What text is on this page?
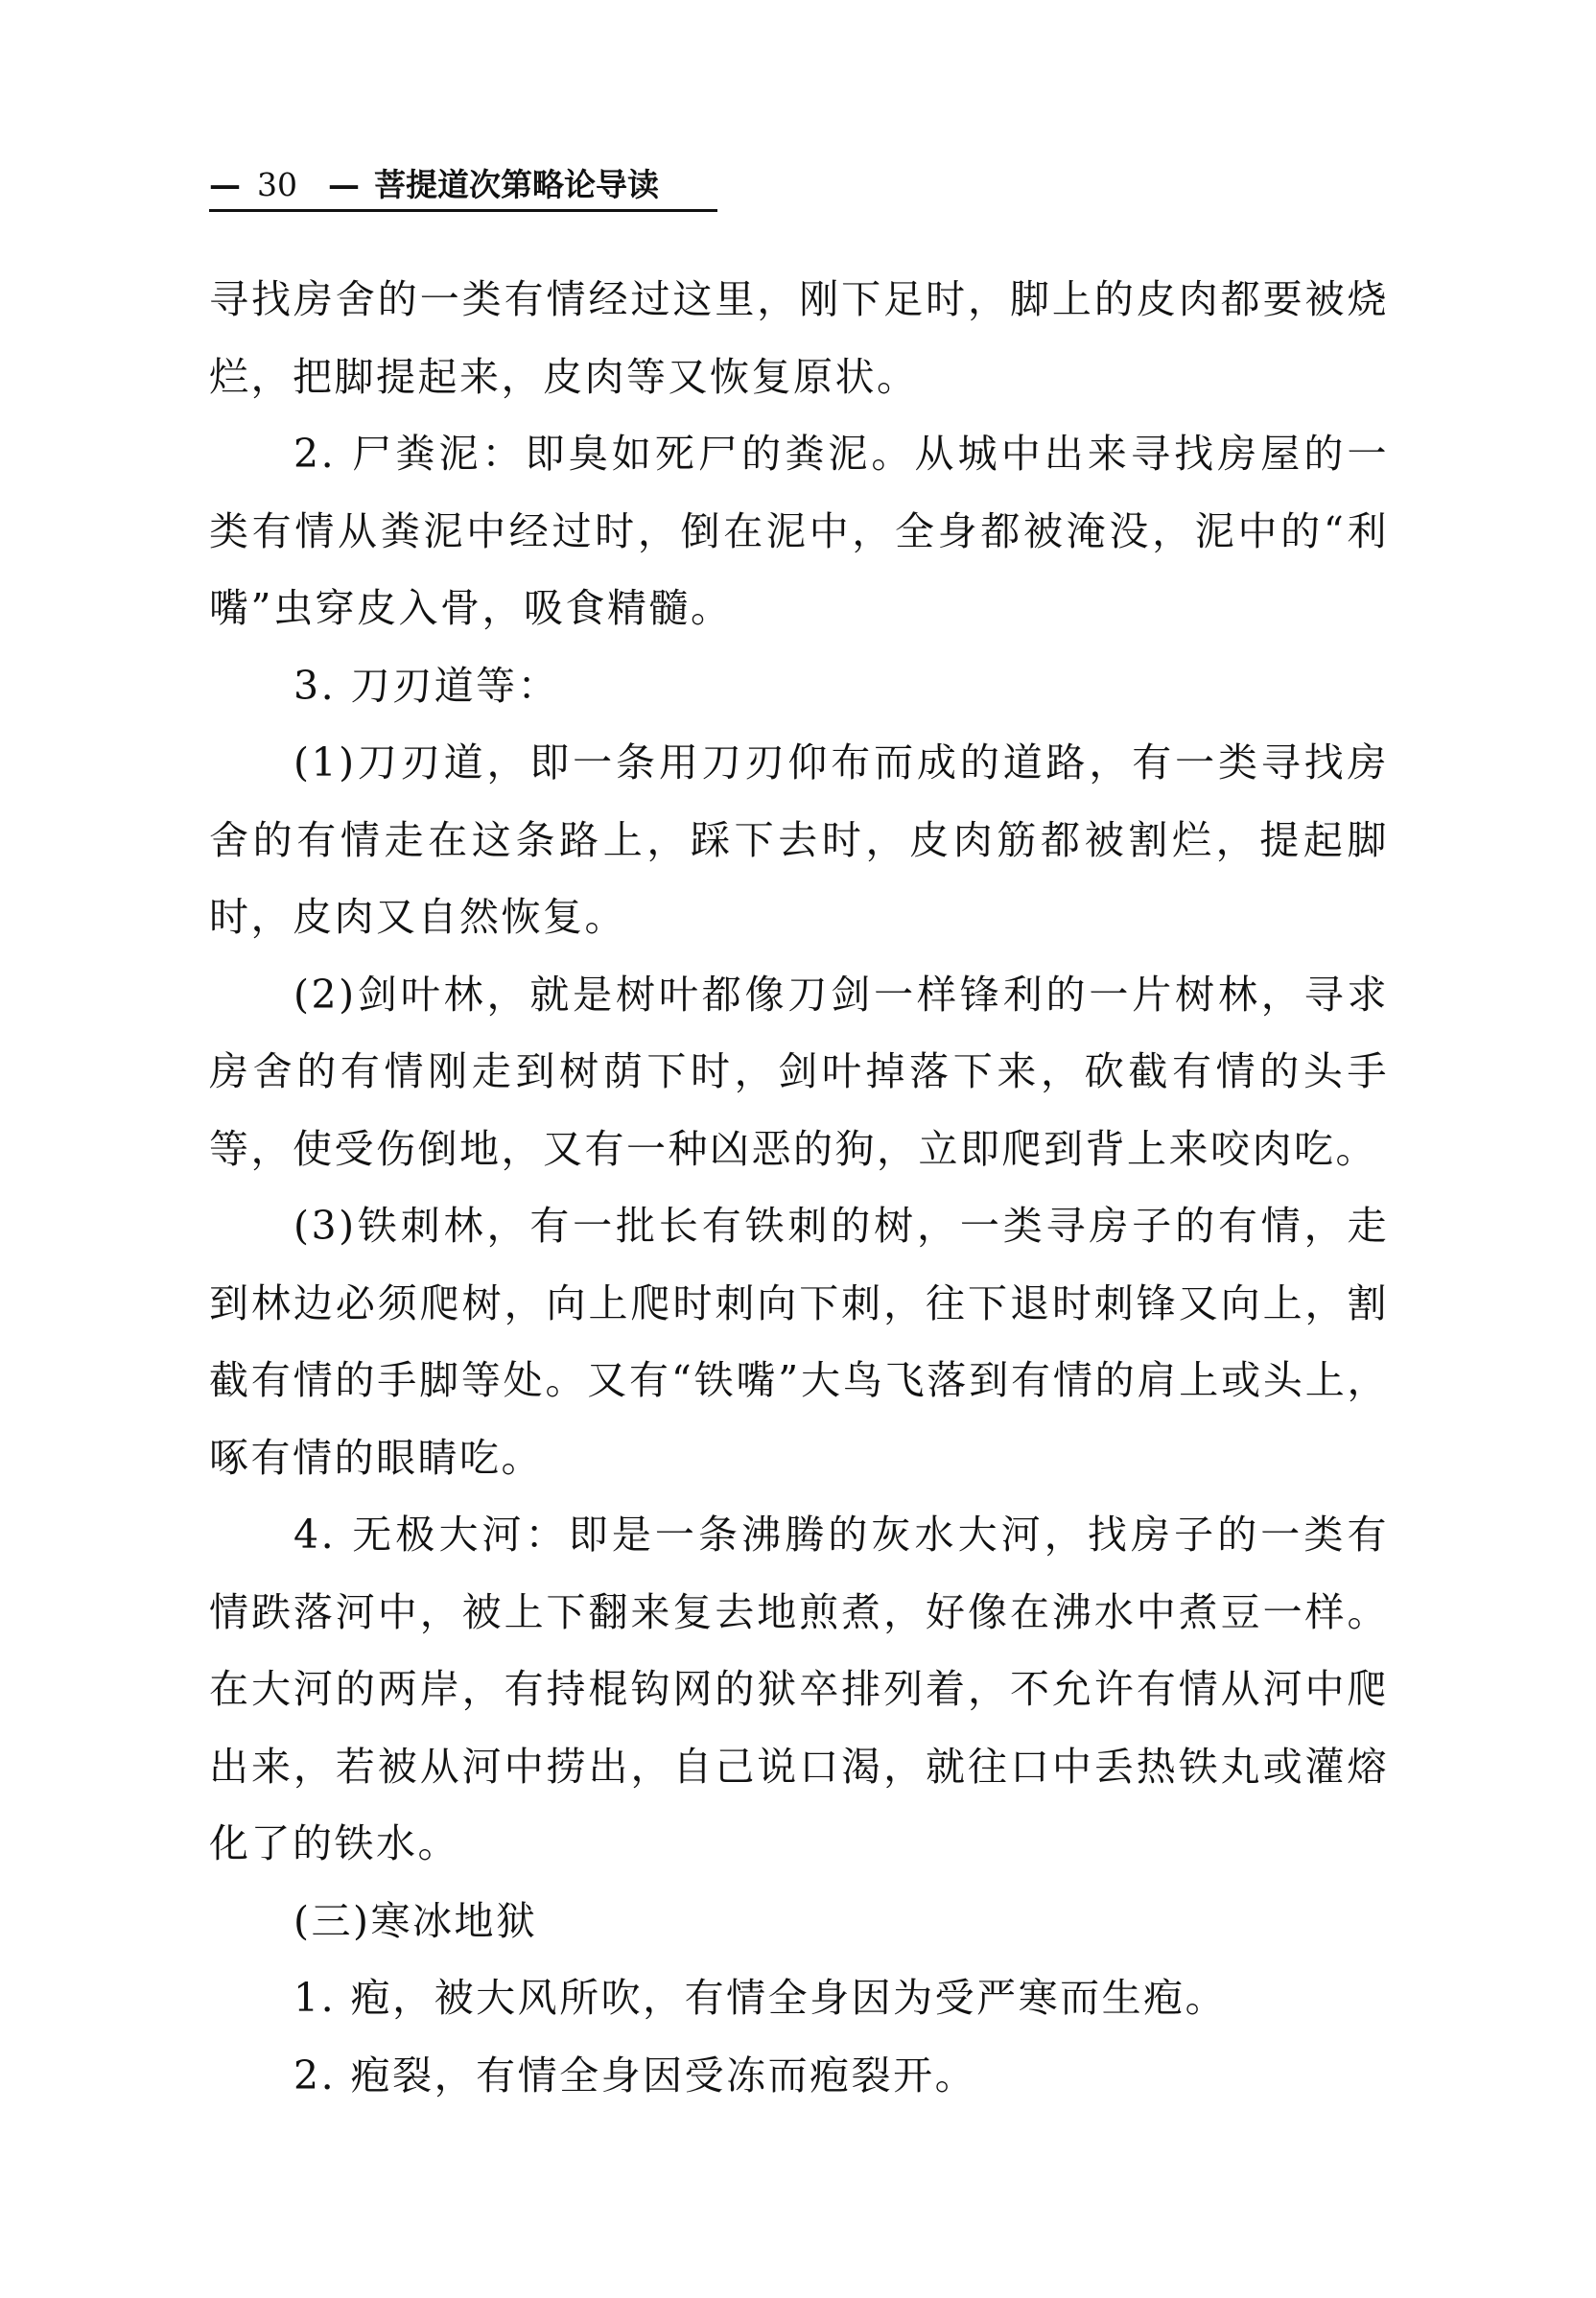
— 30 — 菩提道次第略论导读

寻找房舍的一类有情经过这里，刚下足时，脚上的皮肉都要被烧烂，把脚提起来，皮肉等又恢复原状。

2. 尸粪泥：即臭如死尸的粪泥。从城中出来寻找房屋的一类有情从粪泥中经过时，倒在泥中，全身都被淹没，泥中的“利嘴”虫穿皮入骨，吸食精髓。

3. 刀刃道等：

(1)刀刃道，即一条用刀刃仰布而成的道路，有一类寻找房舍的有情走在这条路上，踩下去时，皮肉筋都被割烂，提起脚时，皮肉又自然恢复。

(2)剑叶林，就是树叶都像刀剑一样锋利的一片树林，寻求房舍的有情刚走到树荫下时，剑叶掉落下来，砍截有情的头手等，使受伤倒地，又有一种凶恶的狗，立即爬到背上来咬肉吃。

(3)铁刺林，有一批长有铁刺的树，一类寻房子的有情，走到林边必须爬树，向上爬时刺向下刺，往下退时刺锋又向上，割截有情的手脚等处。又有“铁嘴”大鸟飞落到有情的肩上或头上，啄有情的眼睛吃。

4. 无极大河：即是一条沸腾的灰水大河，找房子的一类有情跌落河中，被上下翻来复去地煎煮，好像在沸水中煮豆一样。在大河的两岸，有持棍钩网的狱卒排列着，不允许有情从河中爬出来，若被从河中捞出，自己说口渴，就往口中丢热铁丸或灌熔化了的铁水。

(三)寒冰地狱

1. 疱，被大风所吹，有情全身因为受严寒而生疱。

2. 疱裂，有情全身因受冻而疱裂开。
